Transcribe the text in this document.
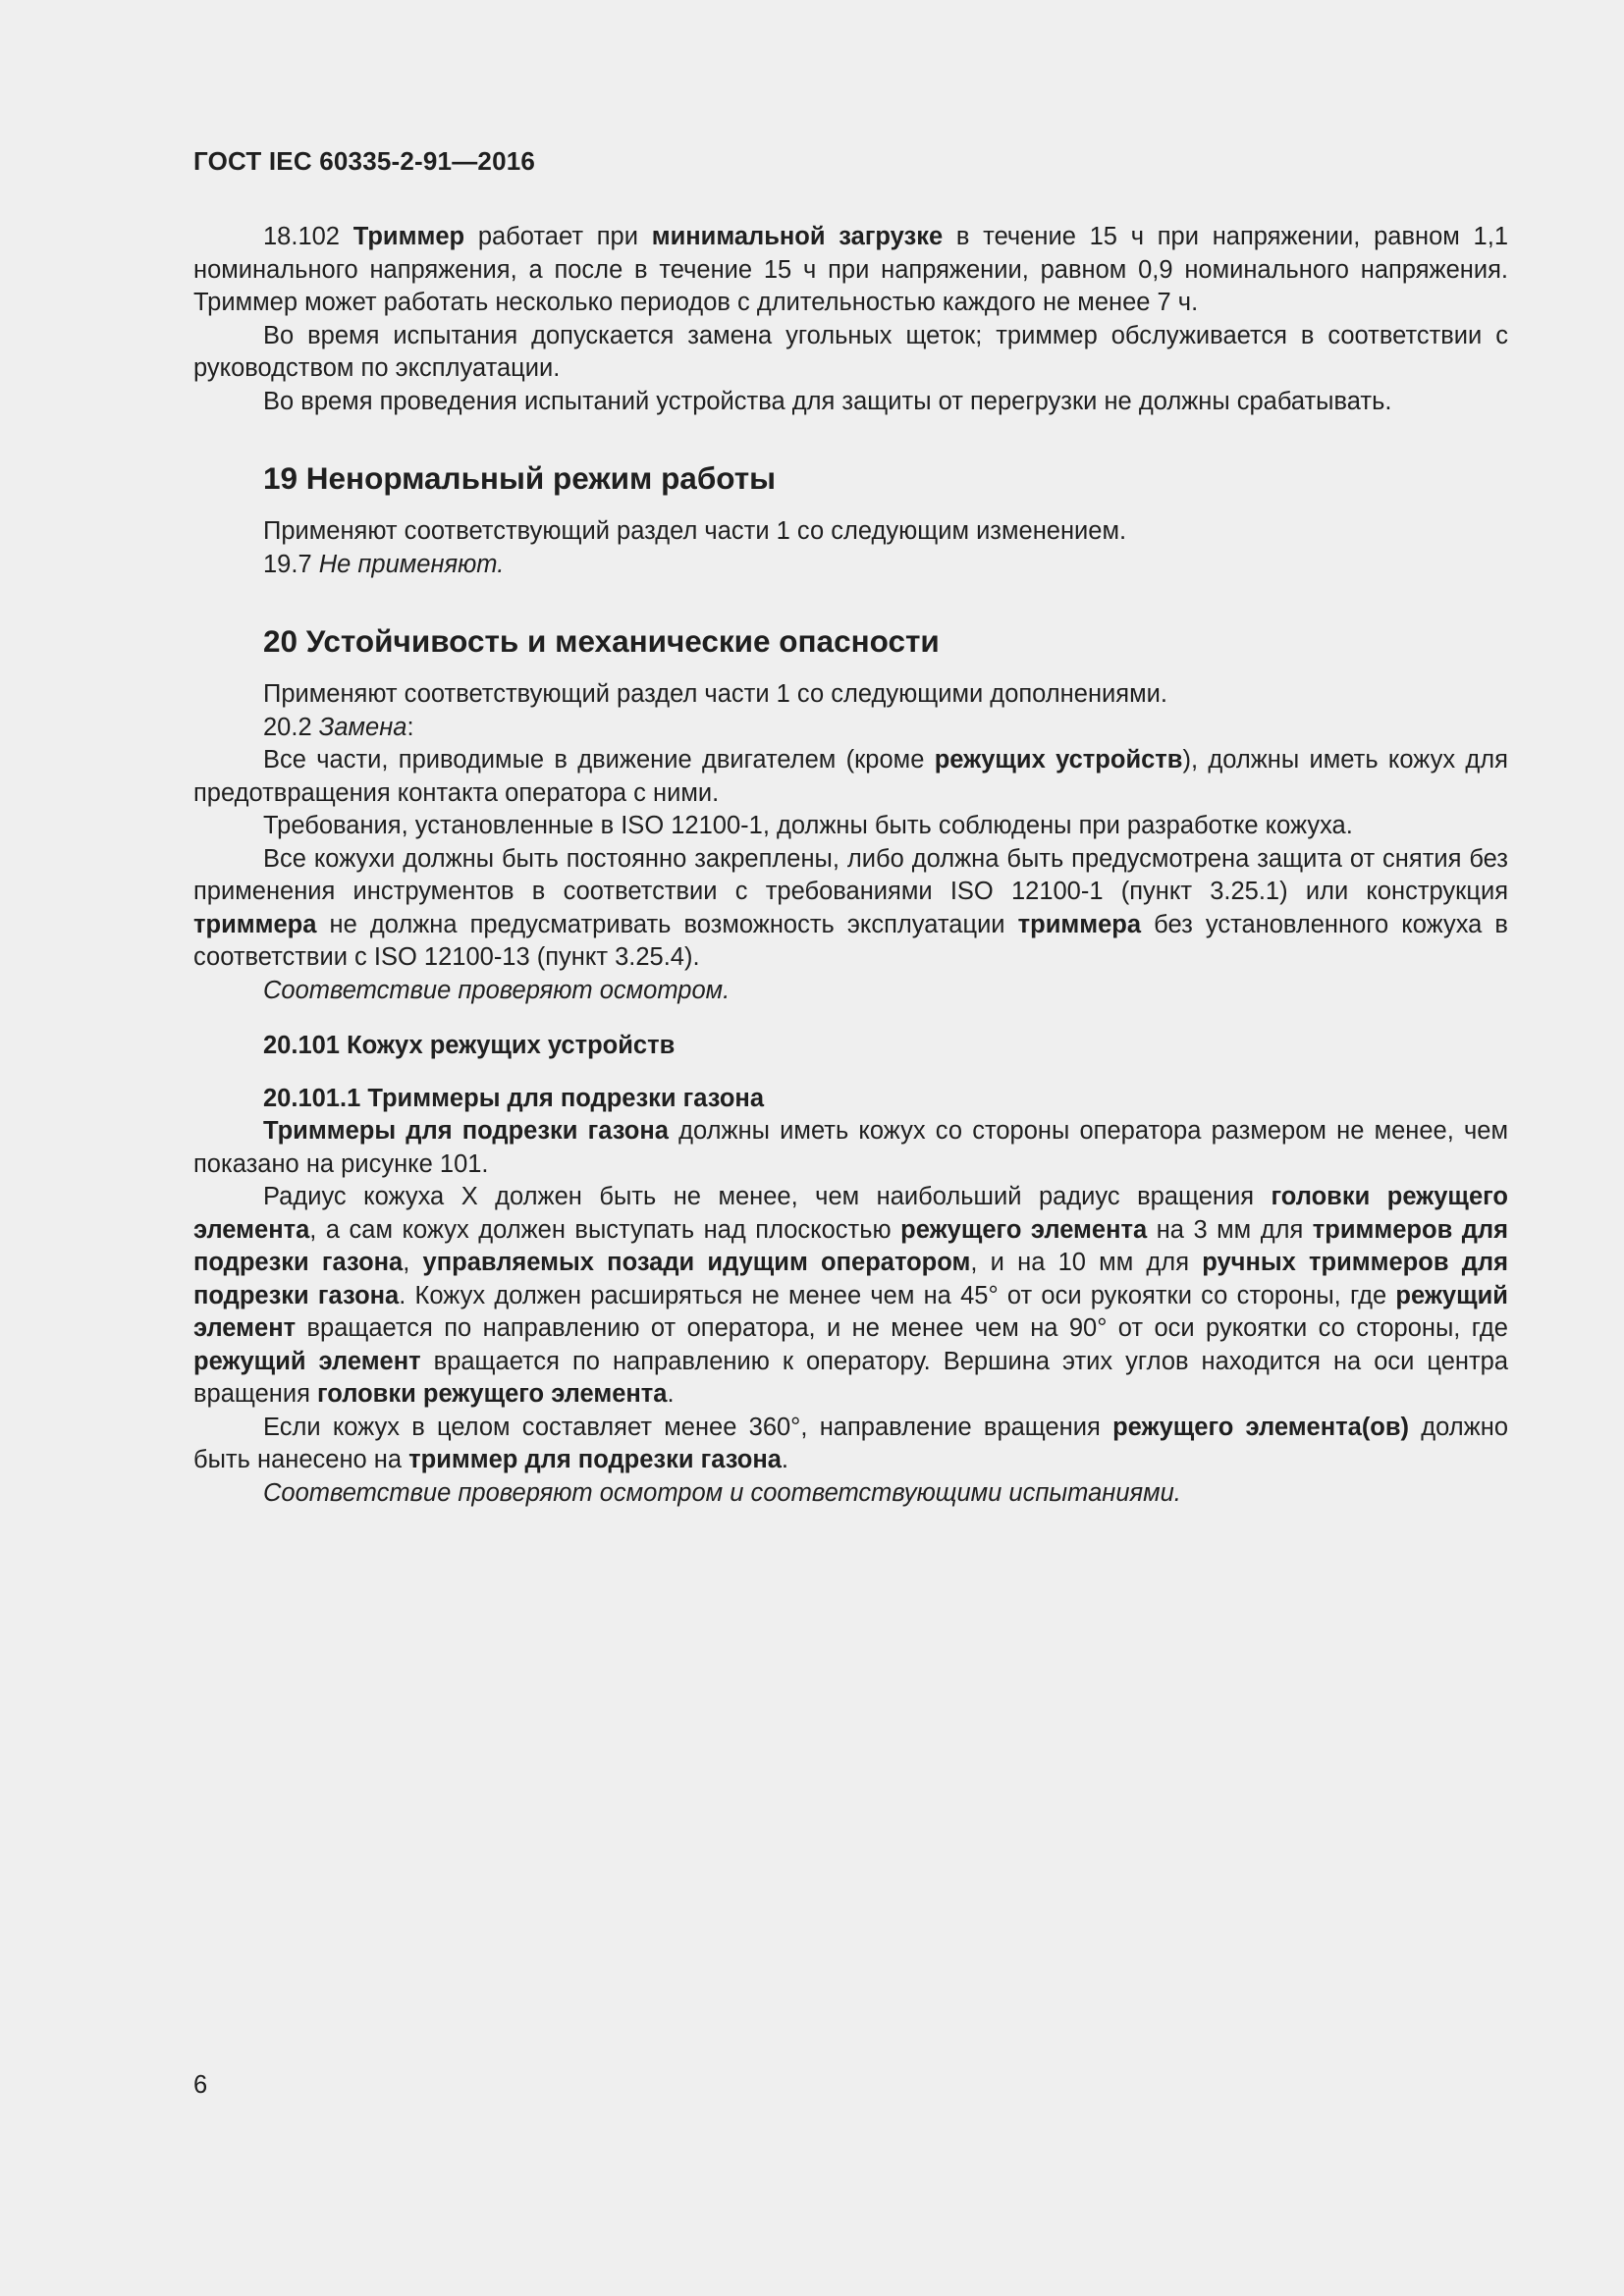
ГОСТ IEC 60335-2-91—2016

18.102 Триммер работает при минимальной загрузке в течение 15 ч при напряжении, равном 1,1 номинального напряжения, а после в течение 15 ч при напряжении, равном 0,9 номинального напряжения. Триммер может работать несколько периодов с длительностью каждого не менее 7 ч.

Во время испытания допускается замена угольных щеток; триммер обслуживается в соответствии с руководством по эксплуатации.

Во время проведения испытаний устройства для защиты от перегрузки не должны срабатывать.

19 Ненормальный режим работы

Применяют соответствующий раздел части 1 со следующим изменением.

19.7 Не применяют.

20 Устойчивость и механические опасности

Применяют соответствующий раздел части 1 со следующими дополнениями.

20.2 Замена:

Все части, приводимые в движение двигателем (кроме режущих устройств), должны иметь кожух для предотвращения контакта оператора с ними.

Требования, установленные в ISO 12100-1, должны быть соблюдены при разработке кожуха.

Все кожухи должны быть постоянно закреплены, либо должна быть предусмотрена защита от снятия без применения инструментов в соответствии с требованиями ISO 12100-1 (пункт 3.25.1) или конструкция триммера не должна предусматривать возможность эксплуатации триммера без установленного кожуха в соответствии с ISO 12100-13 (пункт 3.25.4).

Соответствие проверяют осмотром.

20.101 Кожух режущих устройств
20.101.1 Триммеры для подрезки газона

Триммеры для подрезки газона должны иметь кожух со стороны оператора размером не менее, чем показано на рисунке 101.

Радиус кожуха X должен быть не менее, чем наибольший радиус вращения головки режущего элемента, а сам кожух должен выступать над плоскостью режущего элемента на 3 мм для триммеров для подрезки газона, управляемых позади идущим оператором, и на 10 мм для ручных триммеров для подрезки газона. Кожух должен расширяться не менее чем на 45° от оси рукоятки со стороны, где режущий элемент вращается по направлению от оператора, и не менее чем на 90° от оси рукоятки со стороны, где режущий элемент вращается по направлению к оператору. Вершина этих углов находится на оси центра вращения головки режущего элемента.

Если кожух в целом составляет менее 360°, направление вращения режущего элемента(ов) должно быть нанесено на триммер для подрезки газона.

Соответствие проверяют осмотром и соответствующими испытаниями.

6
